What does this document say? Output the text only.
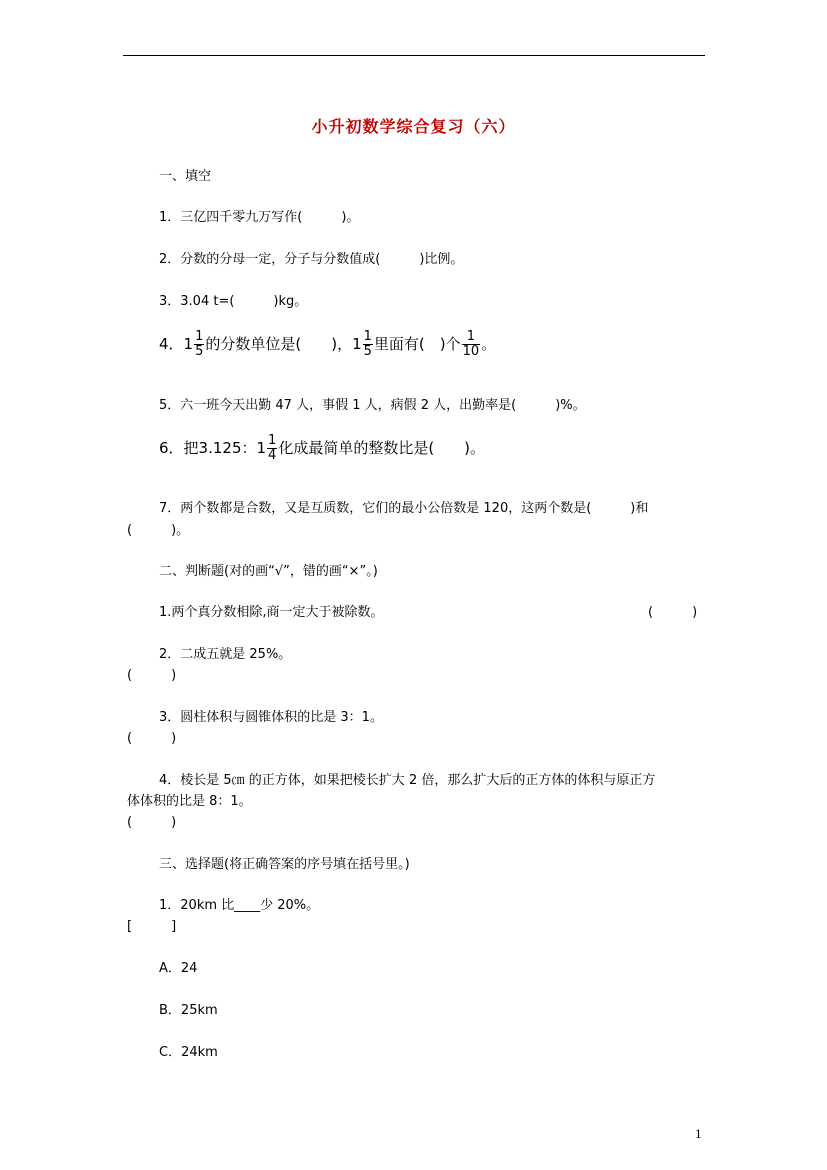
小升初数学综合复习（六）
一、填空
1．三亿四千零九万写作(　　　)。
2．分数的分母一定，分子与分数值成(　　　)比例。
3．3.04 t=(　　　)kg。
4．$1 \frac{1}{5}$ 的分数单位是(　　)，$1 \frac{1}{5}$ 里面有(　)个 $\frac{1}{10}$ 。
5．六一班今天出勤 47 人，事假 1 人，病假 2 人，出勤率是(　　　)%。
6．把3.125：$1 \frac{1}{4}$ 化成最简单的整数比是(　　)。
7．两个数都是合数，又是互质数，它们的最小公倍数是 120，这两个数是(　　　)和
(　　　)。
二、判断题(对的画“√”，错的画“×”。)
1.两个真分数相除,商一定大于被除数。	(　　　)
2．二成五就是 25%。
(　　　)
3．圆柱体积与圆锥体积的比是 3：1。
(　　　)
4．棱长是 5㎝ 的正方体，如果把棱长扩大 2 倍，那么扩大后的正方体的体积与原正方
体体积的比是 8：1。
(　　　)
三、选择题(将正确答案的序号填在括号里。)
1．20km 比____少 20%。
[　　　]
A．24
B．25km
C．24km
1
